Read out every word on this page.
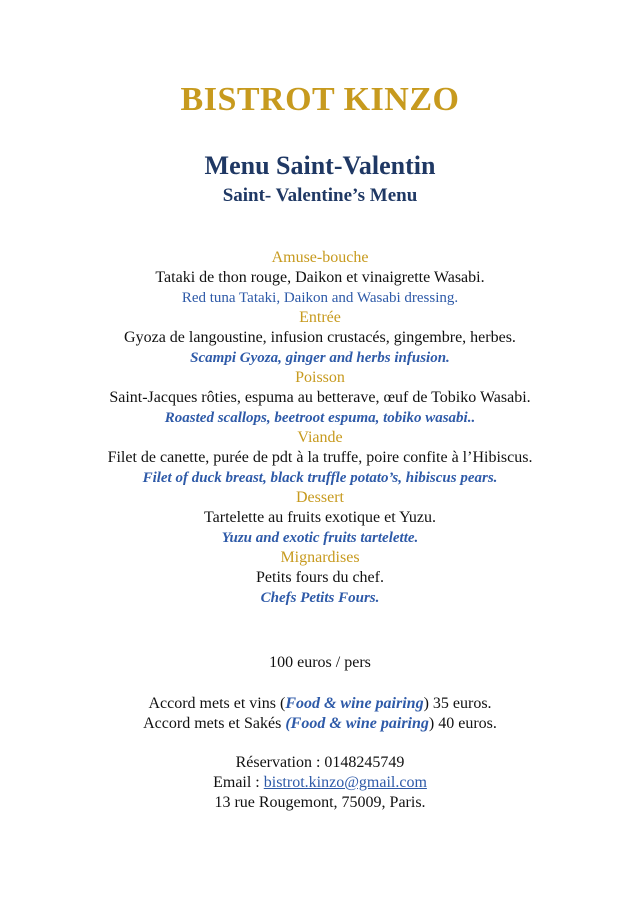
BISTROT KINZO
Menu Saint-Valentin
Saint- Valentine’s Menu
Amuse-bouche
Tataki de thon rouge, Daikon et vinaigrette Wasabi.
Red tuna Tataki, Daikon and Wasabi dressing.
Entrée
Gyoza de langoustine, infusion crustacés, gingembre, herbes.
Scampi Gyoza, ginger and herbs infusion.
Poisson
Saint-Jacques rôties, espuma au betterave, œuf de Tobiko Wasabi.
Roasted scallops, beetroot espuma, tobiko wasabi..
Viande
Filet de canette, purée de pdt à la truffe, poire confite à l’Hibiscus.
Filet of duck breast, black truffle potato’s, hibiscus pears.
Dessert
Tartelette au fruits exotique et Yuzu.
Yuzu and exotic fruits tartelette.
Mignardises
Petits fours du chef.
Chefs Petits Fours.
100 euros / pers
Accord mets et vins (Food & wine pairing) 35 euros.
Accord mets et Sakés (Food & wine pairing) 40 euros.
Réservation : 0148245749
Email : bistrot.kinzo@gmail.com
13 rue Rougemont, 75009, Paris.
